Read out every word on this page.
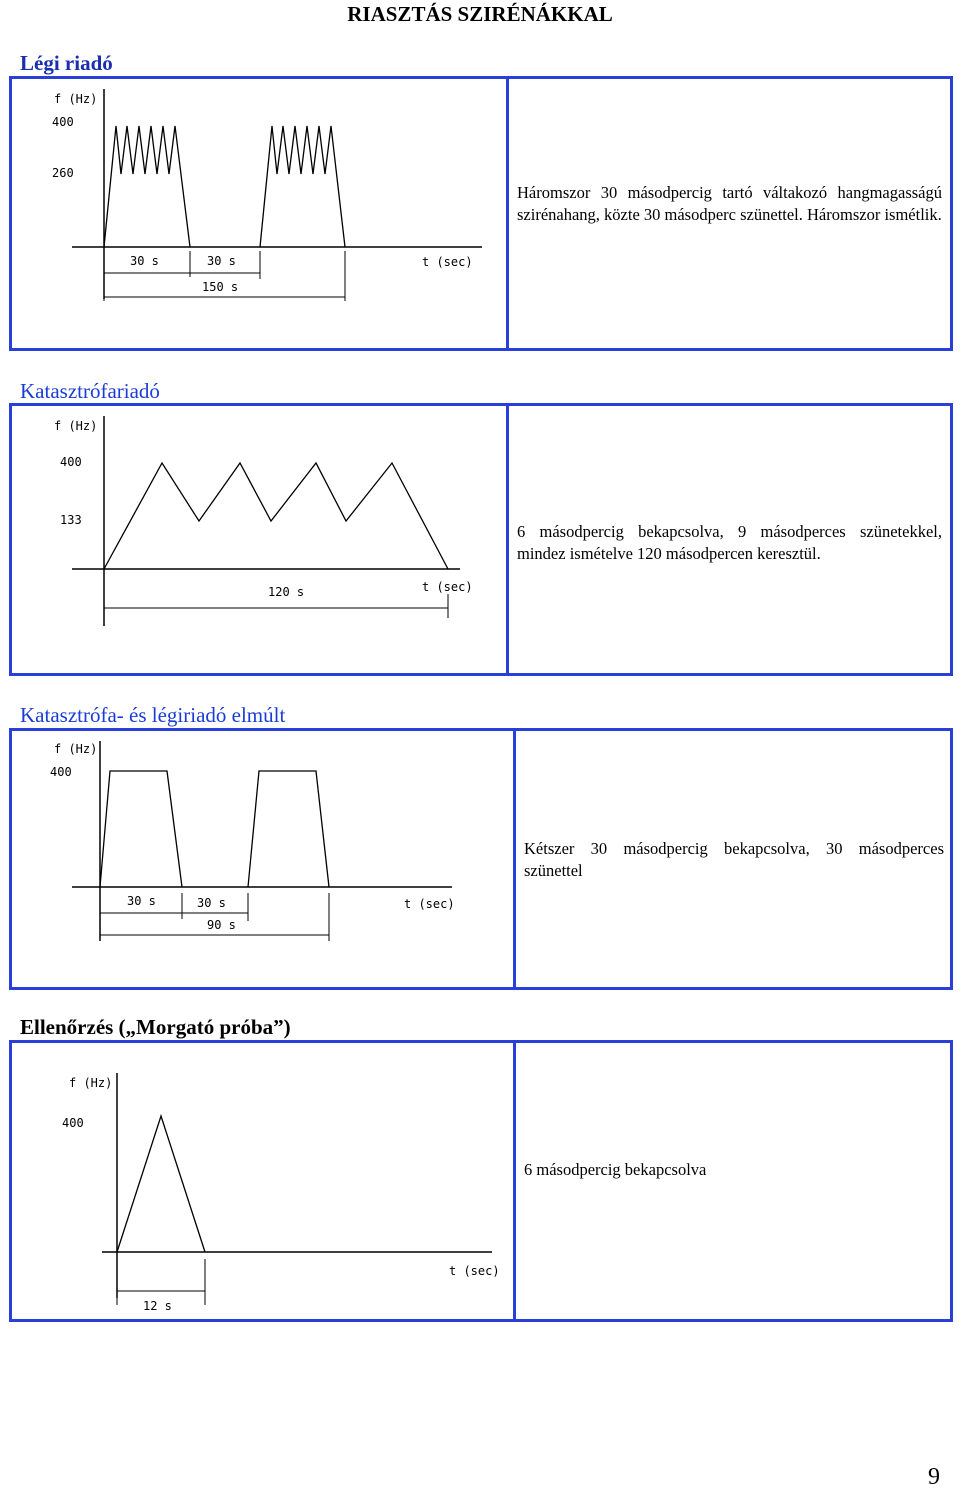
RIASZTÁS SZIRÉNÁKKAL
Légi riadó
f (Hz)
400
260
t (sec)
30 s	30 s
150 s
Háromszor 30 másodpercig tartó váltakozó hangmagasságú szirénahang, közte 30 másodperc szünettel. Háromszor ismétlik.
Katasztrófariadó
f (Hz)
400
133
t (sec)
120 s
6 másodpercig bekapcsolva, 9 másodperces szünetekkel, mindez ismételve 120 másodpercen keresztül.
Katasztrófa- és légiriadó elmúlt
f (Hz)
400
t (sec)
30 s	30 s
90 s
Kétszer 30 másodpercig bekapcsolva, 30 másodperces szünettel
Ellenőrzés („Morgató próba”)
f (Hz)
400
t (sec)
12 s
6 másodpercig bekapcsolva
9
